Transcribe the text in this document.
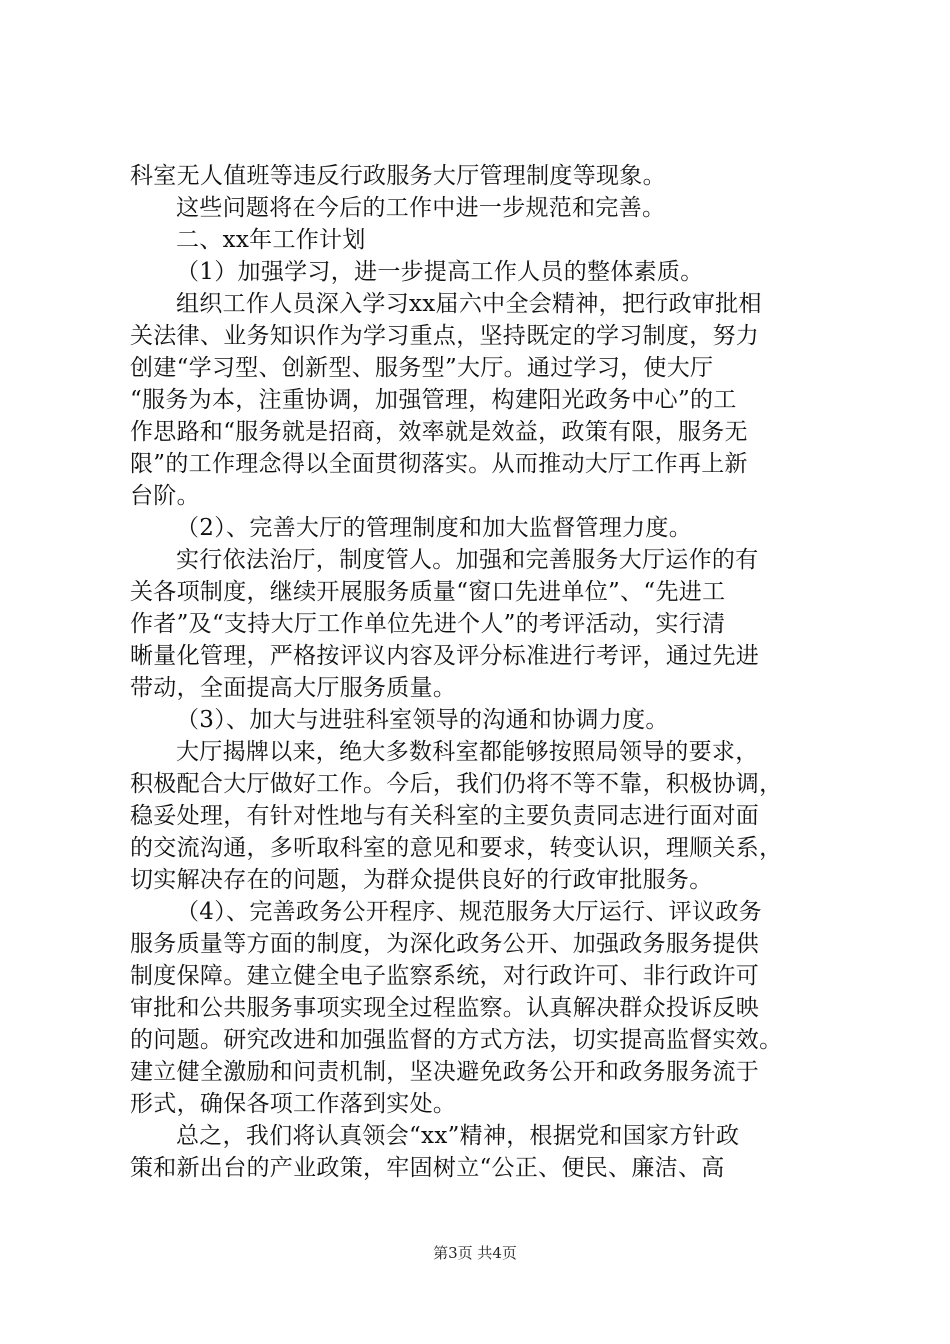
科室无人值班等违反行政服务大厅管理制度等现象。
这些问题将在今后的工作中进一步规范和完善。
二、xx年工作计划
（1）加强学习，进一步提高工作人员的整体素质。
组织工作人员深入学习xx届六中全会精神，把行政审批相
关法律、业务知识作为学习重点，坚持既定的学习制度，努力
创建“学习型、创新型、服务型”大厅。通过学习，使大厅
“服务为本，注重协调，加强管理，构建阳光政务中心”的工
作思路和“服务就是招商，效率就是效益，政策有限，服务无
限”的工作理念得以全面贯彻落实。从而推动大厅工作再上新
台阶。
（2）、完善大厅的管理制度和加大监督管理力度。
实行依法治厅，制度管人。加强和完善服务大厅运作的有
关各项制度，继续开展服务质量“窗口先进单位”、“先进工
作者”及“支持大厅工作单位先进个人”的考评活动，实行清
晰量化管理，严格按评议内容及评分标准进行考评，通过先进
带动，全面提高大厅服务质量。
（3）、加大与进驻科室领导的沟通和协调力度。
大厅揭牌以来，绝大多数科室都能够按照局领导的要求，
积极配合大厅做好工作。今后，我们仍将不等不靠，积极协调，
稳妥处理，有针对性地与有关科室的主要负责同志进行面对面
的交流沟通，多听取科室的意见和要求，转变认识，理顺关系，
切实解决存在的问题，为群众提供良好的行政审批服务。
（4）、完善政务公开程序、规范服务大厅运行、评议政务
服务质量等方面的制度，为深化政务公开、加强政务服务提供
制度保障。建立健全电子监察系统，对行政许可、非行政许可
审批和公共服务事项实现全过程监察。认真解决群众投诉反映
的问题。研究改进和加强监督的方式方法，切实提高监督实效。
建立健全激励和问责机制，坚决避免政务公开和政务服务流于
形式，确保各项工作落到实处。
总之，我们将认真领会“xx”精神，根据党和国家方针政
策和新出台的产业政策，牢固树立“公正、便民、廉洁、高
第3页 共4页
